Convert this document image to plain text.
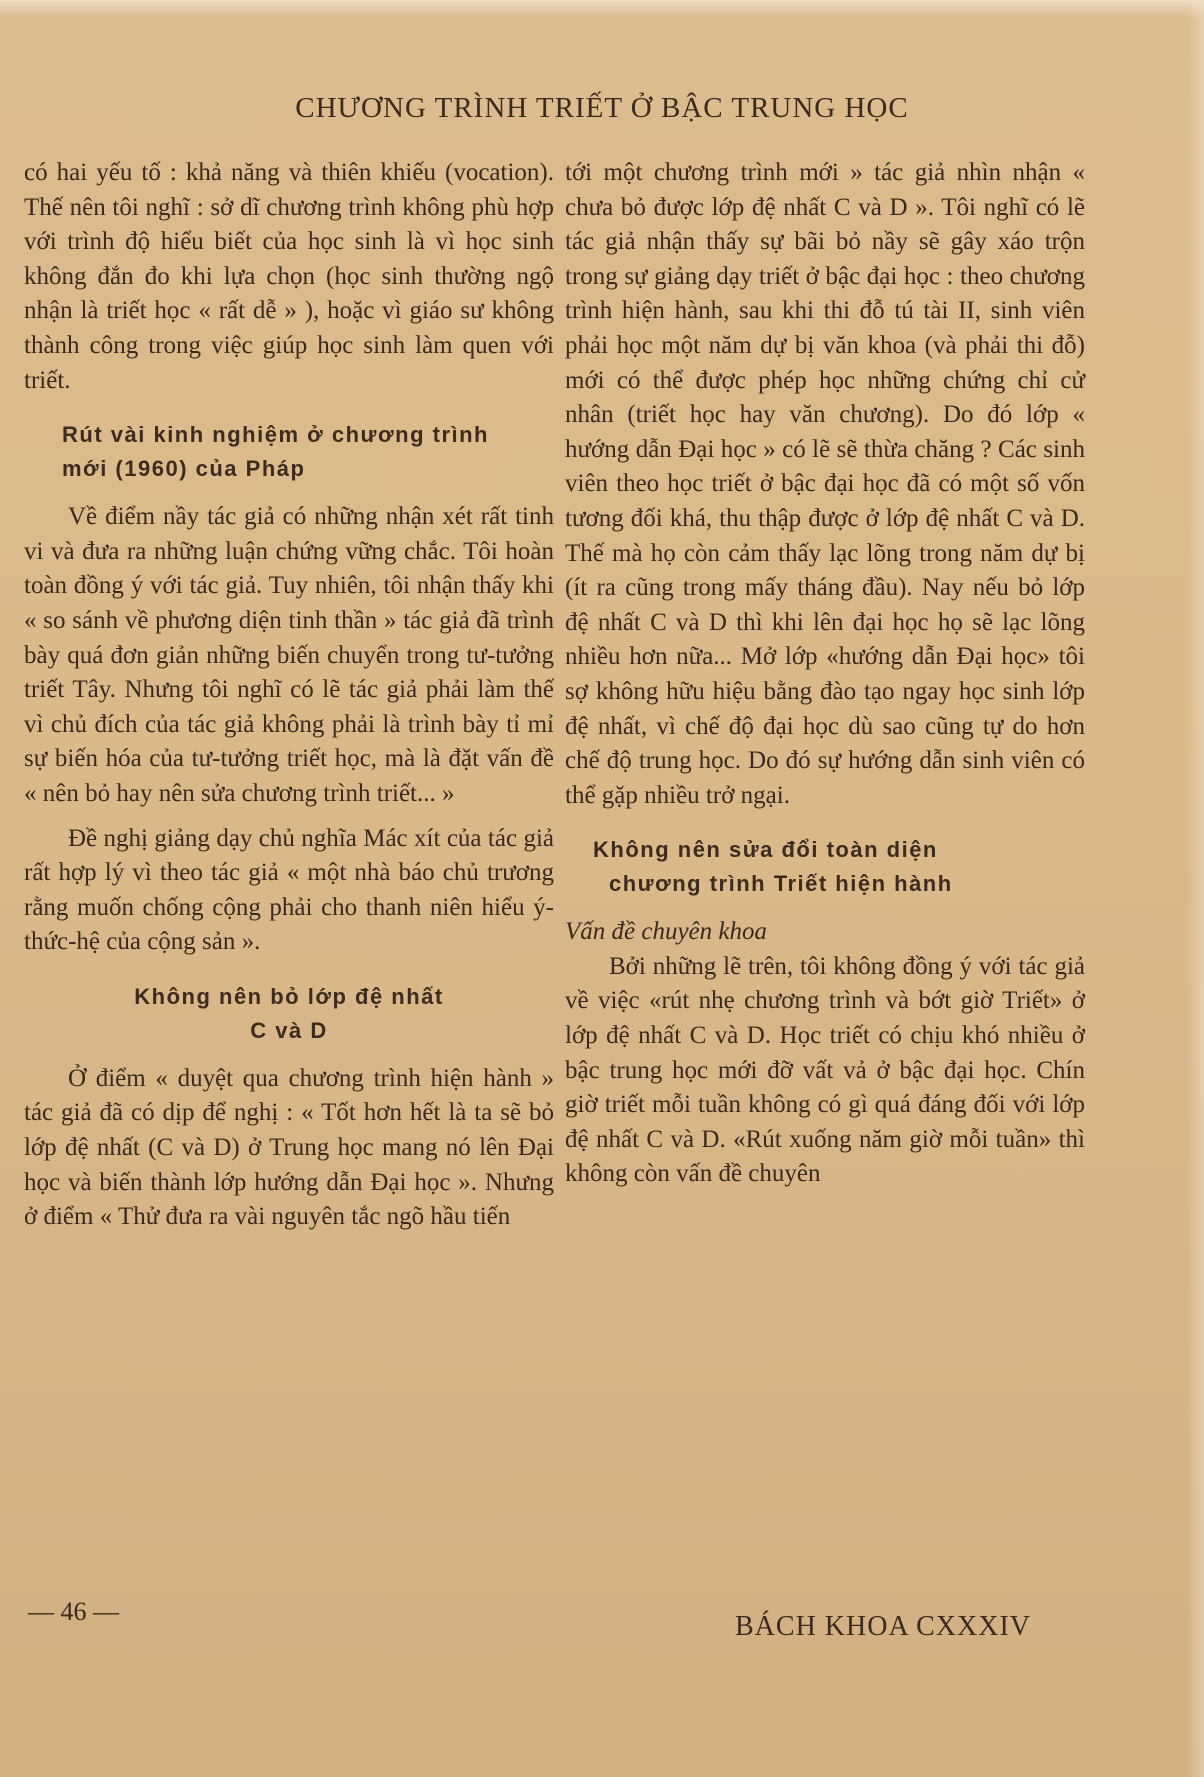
CHƯƠNG TRÌNH TRIẾT Ở BẬC TRUNG HỌC

có hai yếu tố : khả năng và thiên khiếu (vocation). Thế nên tôi nghĩ : sở dĩ chương trình không phù hợp với trình độ hiểu biết của học sinh là vì học sinh không đắn đo khi lựa chọn (học sinh thường ngộ nhận là triết học « rất dễ » ), hoặc vì giáo sư không thành công trong việc giúp học sinh làm quen với triết.

Rút vài kinh nghiệm ở chương trình mới (1960) của Pháp

Về điểm nầy tác giả có những nhận xét rất tinh vi và đưa ra những luận chứng vững chắc. Tôi hoàn toàn đồng ý với tác giả. Tuy nhiên, tôi nhận thấy khi « so sánh về phương diện tinh thần » tác giả đã trình bày quá đơn giản những biến chuyển trong tư-tưởng triết Tây. Nhưng tôi nghĩ có lẽ tác giả phải làm thế vì chủ đích của tác giả không phải là trình bày tỉ mỉ sự biến hóa của tư-tưởng triết học, mà là đặt vấn đề « nên bỏ hay nên sửa chương trình triết... »

Đề nghị giảng dạy chủ nghĩa Mác xít của tác giả rất hợp lý vì theo tác giả « một nhà báo chủ trương rằng muốn chống cộng phải cho thanh niên hiểu ý-thức-hệ của cộng sản ».

Không nên bỏ lớp đệ nhất
C và D

Ở điểm « duyệt qua chương trình hiện hành » tác giả đã có dịp để nghị : « Tốt hơn hết là ta sẽ bỏ lớp đệ nhất (C và D) ở Trung học mang nó lên Đại học và biến thành lớp hướng dẫn Đại học ». Nhưng ở điểm « Thử đưa ra vài nguyên tắc ngõ hầu tiến

tới một chương trình mới » tác giả nhìn nhận « chưa bỏ được lớp đệ nhất C và D ». Tôi nghĩ có lẽ tác giả nhận thấy sự bãi bỏ nầy sẽ gây xáo trộn trong sự giảng dạy triết ở bậc đại học : theo chương trình hiện hành, sau khi thi đỗ tú tài II, sinh viên phải học một năm dự bị văn khoa (và phải thi đỗ) mới có thể được phép học những chứng chỉ cử nhân (triết học hay văn chương). Do đó lớp « hướng dẫn Đại học » có lẽ sẽ thừa chăng ? Các sinh viên theo học triết ở bậc đại học đã có một số vốn tương đối khá, thu thập được ở lớp đệ nhất C và D. Thế mà họ còn cảm thấy lạc lõng trong năm dự bị (ít ra cũng trong mấy tháng đầu). Nay nếu bỏ lớp đệ nhất C và D thì khi lên đại học họ sẽ lạc lõng nhiều hơn nữa... Mở lớp «hướng dẫn Đại học» tôi sợ không hữu hiệu bằng đào tạo ngay học sinh lớp đệ nhất, vì chế độ đại học dù sao cũng tự do hơn chế độ trung học. Do đó sự hướng dẫn sinh viên có thể gặp nhiều trở ngại.

Không nên sửa đổi toàn diện
chương trình Triết hiện hành

Vấn đề chuyên khoa

Bởi những lẽ trên, tôi không đồng ý với tác giả về việc «rút nhẹ chương trình và bớt giờ Triết» ở lớp đệ nhất C và D. Học triết có chịu khó nhiều ở bậc trung học mới đỡ vất vả ở bậc đại học. Chín giờ triết mỗi tuần không có gì quá đáng đối với lớp đệ nhất C và D. «Rút xuống năm giờ mỗi tuần» thì không còn vấn đề chuyên

— 46 —	BÁCH KHOA CXXXIV
